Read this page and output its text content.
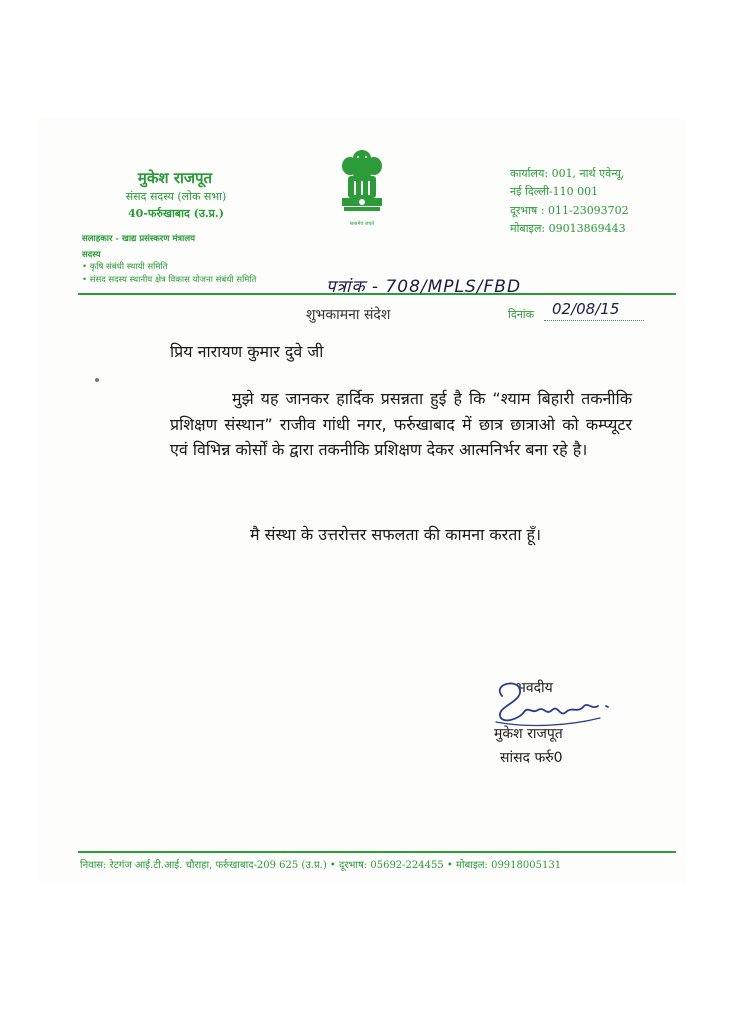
मुकेश राजपूत
संसद सदस्य (लोक सभा)
40-फर्रुखाबाद (उ.प्र.)
सलाहकार - खाद्य प्रसंस्करण मंत्रालय
सदस्य
• कृषि संबंधी स्थायी समिति
• संसद सदस्य स्थानीय क्षेत्र विकास योजना संबंधी समिति
सत्यमेव जयते
कार्यालय: 001, नार्थ एवेन्यू,
नई दिल्ली-110 001
दूरभाष : 011-23093702
मोबाइल: 09013869443
पत्रांक - 708/MPLS/FBD
शुभकामना संदेश	दिनांक 02/08/15
प्रिय नारायण कुमार दुवे जी
मुझे यह जानकर हार्दिक प्रसन्नता हुई है कि “श्याम बिहारी तकनीकि प्रशिक्षण संस्थान” राजीव गांधी नगर, फर्रुखाबाद में छात्र छात्राओ को कम्प्यूटर एवं विभिन्न कोर्सों के द्वारा तकनीकि प्रशिक्षण देकर आत्मनिर्भर बना रहे है।
मै संस्था के उत्तरोत्तर सफलता की कामना करता हूँ।
भवदीय
मुकेश राजपूत
सांसद फर्रु0
निवास: रेटगंज आई.टी.आई. चौराहा, फर्रुखाबाद-209 625 (उ.प्र.) • दूरभाष: 05692-224455 • मोबाइल: 09918005131
